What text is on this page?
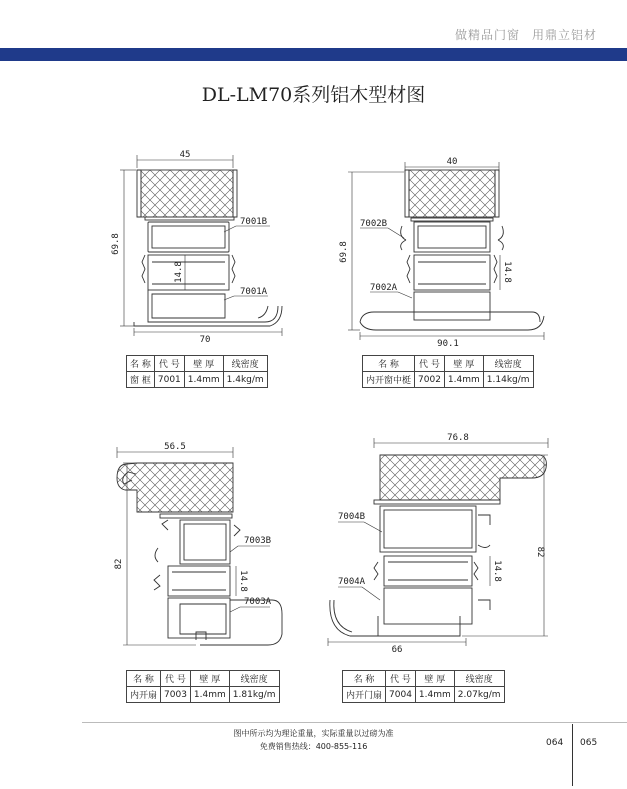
做精品门窗 用鼎立铝材
DL-LM70系列铝木型材图
45
69.8
14.8
70
7001B
7001A
40
69.8
14.8
90.1
7002B
7002A
56.5
82
14.8
7003B
7003A
76.8
82
14.8
66
7004B
7004A
名 称	代 号	壁 厚	线密度
窗 框	7001	1.4mm	1.4kg/m
名 称	代 号	壁 厚	线密度
内开窗中梃	7002	1.4mm	1.14kg/m
名 称	代 号	壁 厚	线密度
内开扇	7003	1.4mm	1.81kg/m
名 称	代 号	壁 厚	线密度
内开门扇	7004	1.4mm	2.07kg/m
图中所示均为理论重量，实际重量以过磅为准
免费销售热线：400-855-116	064 065
